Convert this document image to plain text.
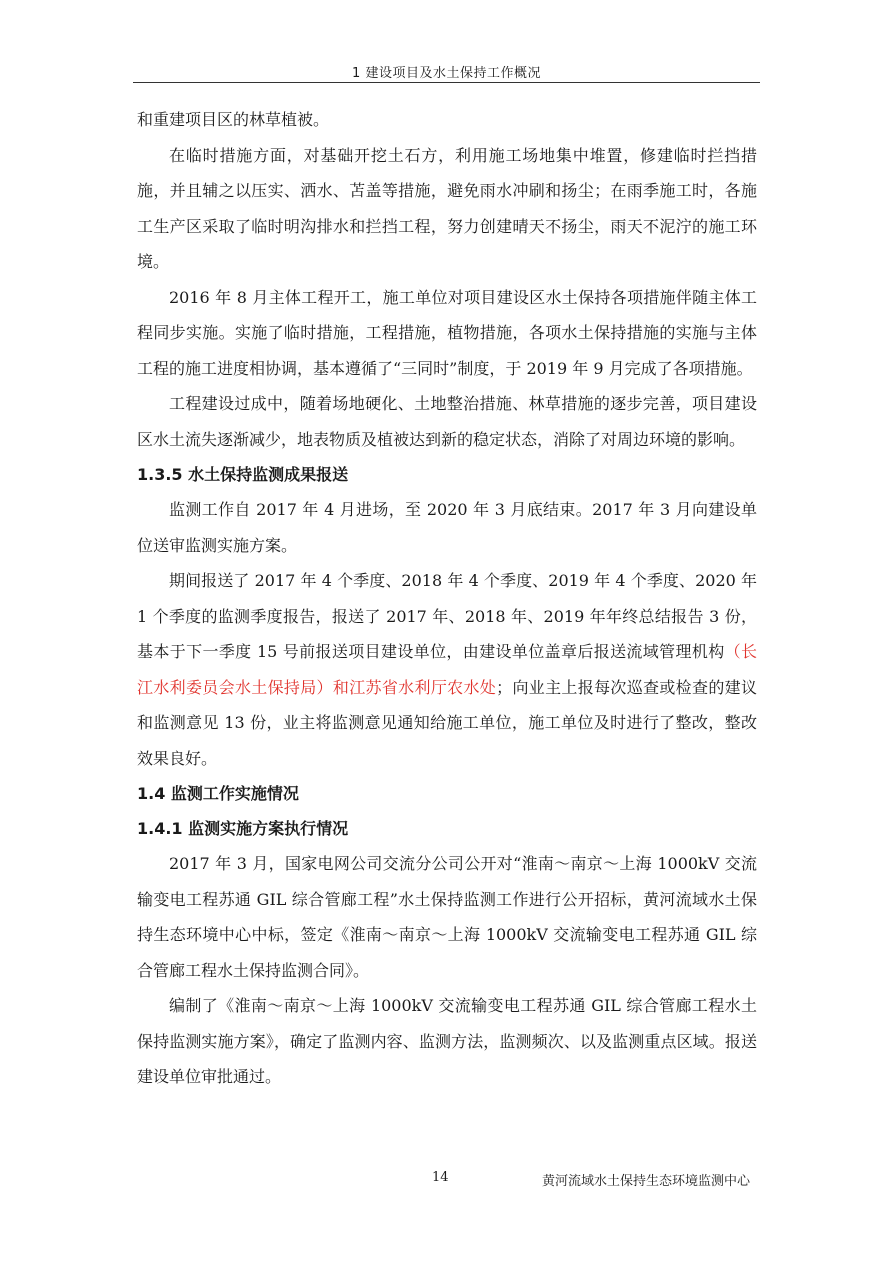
1 建设项目及水土保持工作概况

和重建项目区的林草植被。

在临时措施方面，对基础开挖土石方，利用施工场地集中堆置，修建临时拦挡措施，并且辅之以压实、洒水、苫盖等措施，避免雨水冲刷和扬尘；在雨季施工时，各施工生产区采取了临时明沟排水和拦挡工程，努力创建晴天不扬尘，雨天不泥泞的施工环境。

2016 年 8 月主体工程开工，施工单位对项目建设区水土保持各项措施伴随主体工程同步实施。实施了临时措施，工程措施，植物措施，各项水土保持措施的实施与主体工程的施工进度相协调，基本遵循了“三同时”制度，于 2019 年 9 月完成了各项措施。

工程建设过成中，随着场地硬化、土地整治措施、林草措施的逐步完善，项目建设区水土流失逐渐减少，地表物质及植被达到新的稳定状态，消除了对周边环境的影响。

1.3.5 水土保持监测成果报送

监测工作自 2017 年 4 月进场，至 2020 年 3 月底结束。2017 年 3 月向建设单位送审监测实施方案。

期间报送了 2017 年 4 个季度、2018 年 4 个季度、2019 年 4 个季度、2020 年 1 个季度的监测季度报告，报送了 2017 年、2018 年、2019 年年终总结报告 3 份，基本于下一季度 15 号前报送项目建设单位，由建设单位盖章后报送流域管理机构（长江水利委员会水土保持局）和江苏省水利厅农水处；向业主上报每次巡查或检查的建议和监测意见 13 份，业主将监测意见通知给施工单位，施工单位及时进行了整改，整改效果良好。

1.4 监测工作实施情况
1.4.1 监测实施方案执行情况

2017 年 3 月，国家电网公司交流分公司公开对“淮南～南京～上海 1000kV 交流输变电工程苏通 GIL 综合管廊工程”水土保持监测工作进行公开招标，黄河流域水土保持生态环境中心中标，签定《淮南～南京～上海 1000kV 交流输变电工程苏通 GIL 综合管廊工程水土保持监测合同》。

编制了《淮南～南京～上海 1000kV 交流输变电工程苏通 GIL 综合管廊工程水土保持监测实施方案》，确定了监测内容、监测方法，监测频次、以及监测重点区域。报送建设单位审批通过。

14	黄河流域水土保持生态环境监测中心
